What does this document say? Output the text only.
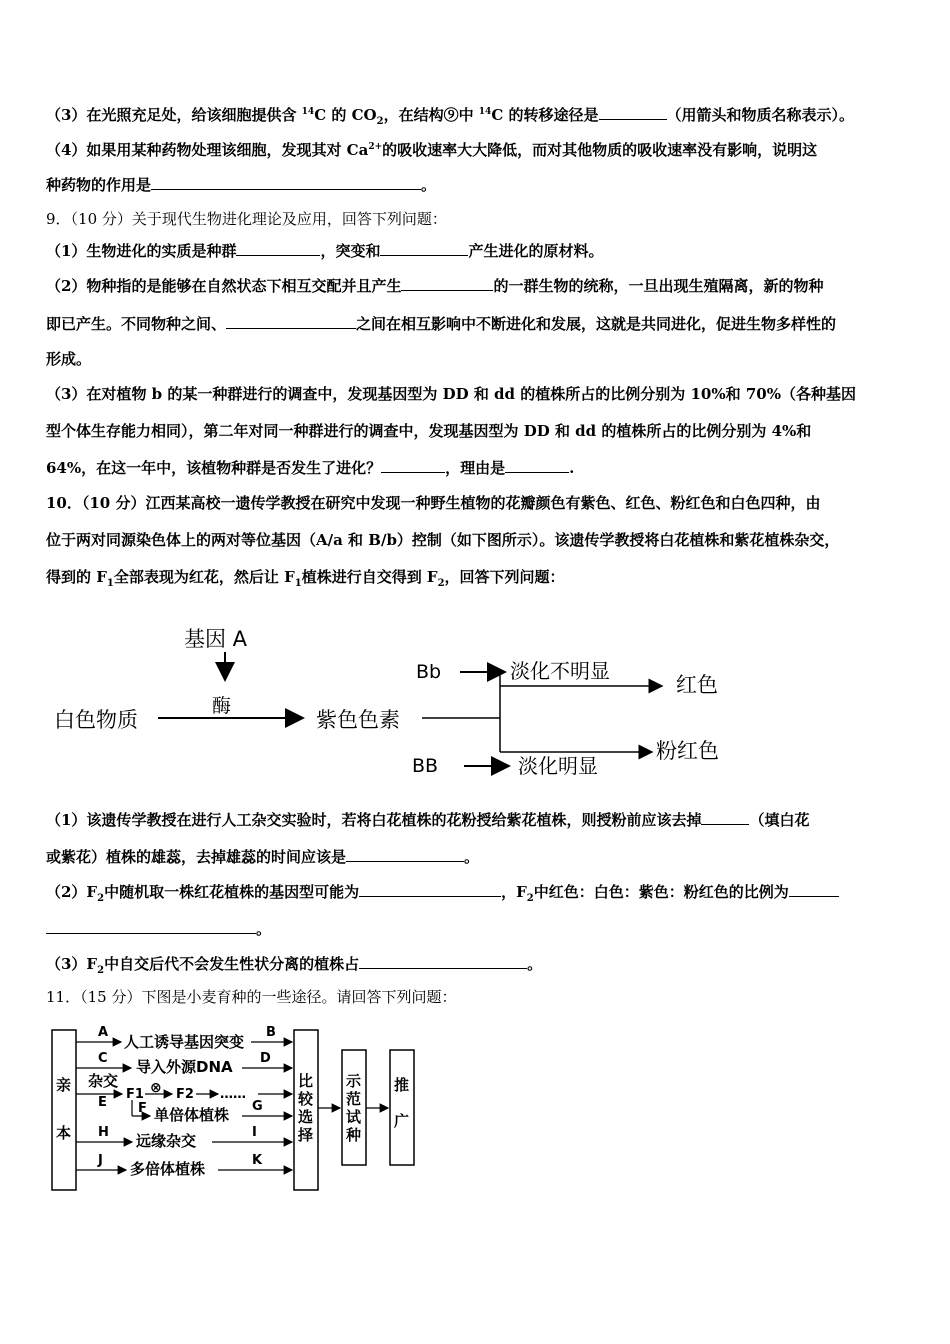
（3）在光照充足处，给该细胞提供含 $^{14}$C 的 $CO_2$，在结构⑨中 $^{14}$C 的转移途径是	（用箭头和物质名称表示）。
（4）如果用某种药物处理该细胞，发现其对 $Ca^{2+}$的吸收速率大大降低，而对其他物质的吸收速率没有影响，说明这
种药物的作用是	。
9．（10 分）关于现代生物进化理论及应用，回答下列问题：
（1）生物进化的实质是种群	，突变和	产生进化的原材料。
（2）物种指的是能够在自然状态下相互交配并且产生	的一群生物的统称，一旦出现生殖隔离，新的物种
即已产生。不同物种之间、	之间在相互影响中不断进化和发展，这就是共同进化，促进生物多样性的
形成。
（3）在对植物 b 的某一种群进行的调查中，发现基因型为 DD 和 dd 的植株所占的比例分别为 10%和 70%（各种基因
型个体生存能力相同），第二年对同一种群进行的调查中，发现基因型为 DD 和 dd 的植株所占的比例分别为 4%和
64%，在这一年中，该植物种群是否发生了进化？	，理由是	.
10．（10 分）江西某高校一遗传学教授在研究中发现一种野生植物的花瓣颜色有紫色、红色、粉红色和白色四种，由
位于两对同源染色体上的两对等位基因（A/a 和 B/b）控制（如下图所示）。该遗传学教授将白花植株和紫花植株杂交，
得到的 $F_1$全部表现为红花，然后让 $F_1$植株进行自交得到 $F_2$，回答下列问题：
基因 A
酶
白色物质	紫色色素
Bb	淡化不明显
红色
粉红色
BB	淡化明显
（1）该遗传学教授在进行人工杂交实验时，若将白花植株的花粉授给紫花植株，则授粉前应该去掉	（填白花
或紫花）植株的雄蕊，去掉雄蕊的时间应该是	。
$(2)F_2$中随机取一株红花植株的基因型可能为	，$F_2$中红色：白色：紫色：粉红色的比例为
。
$(3)F_2$中自交后代不会发生性状分离的植株占	。
11．（15 分）下图是小麦育种的一些途径。请回答下列问题：
亲
本
A
人工诱导基因突变
B
C 导入外源DNA D
杂交
E
F1 ⊗ F2 ……
F 单倍体植株 G
H 远缘杂交	I
J 多倍体植株	K
比
较
选
择
示
范
试
种
推
广
